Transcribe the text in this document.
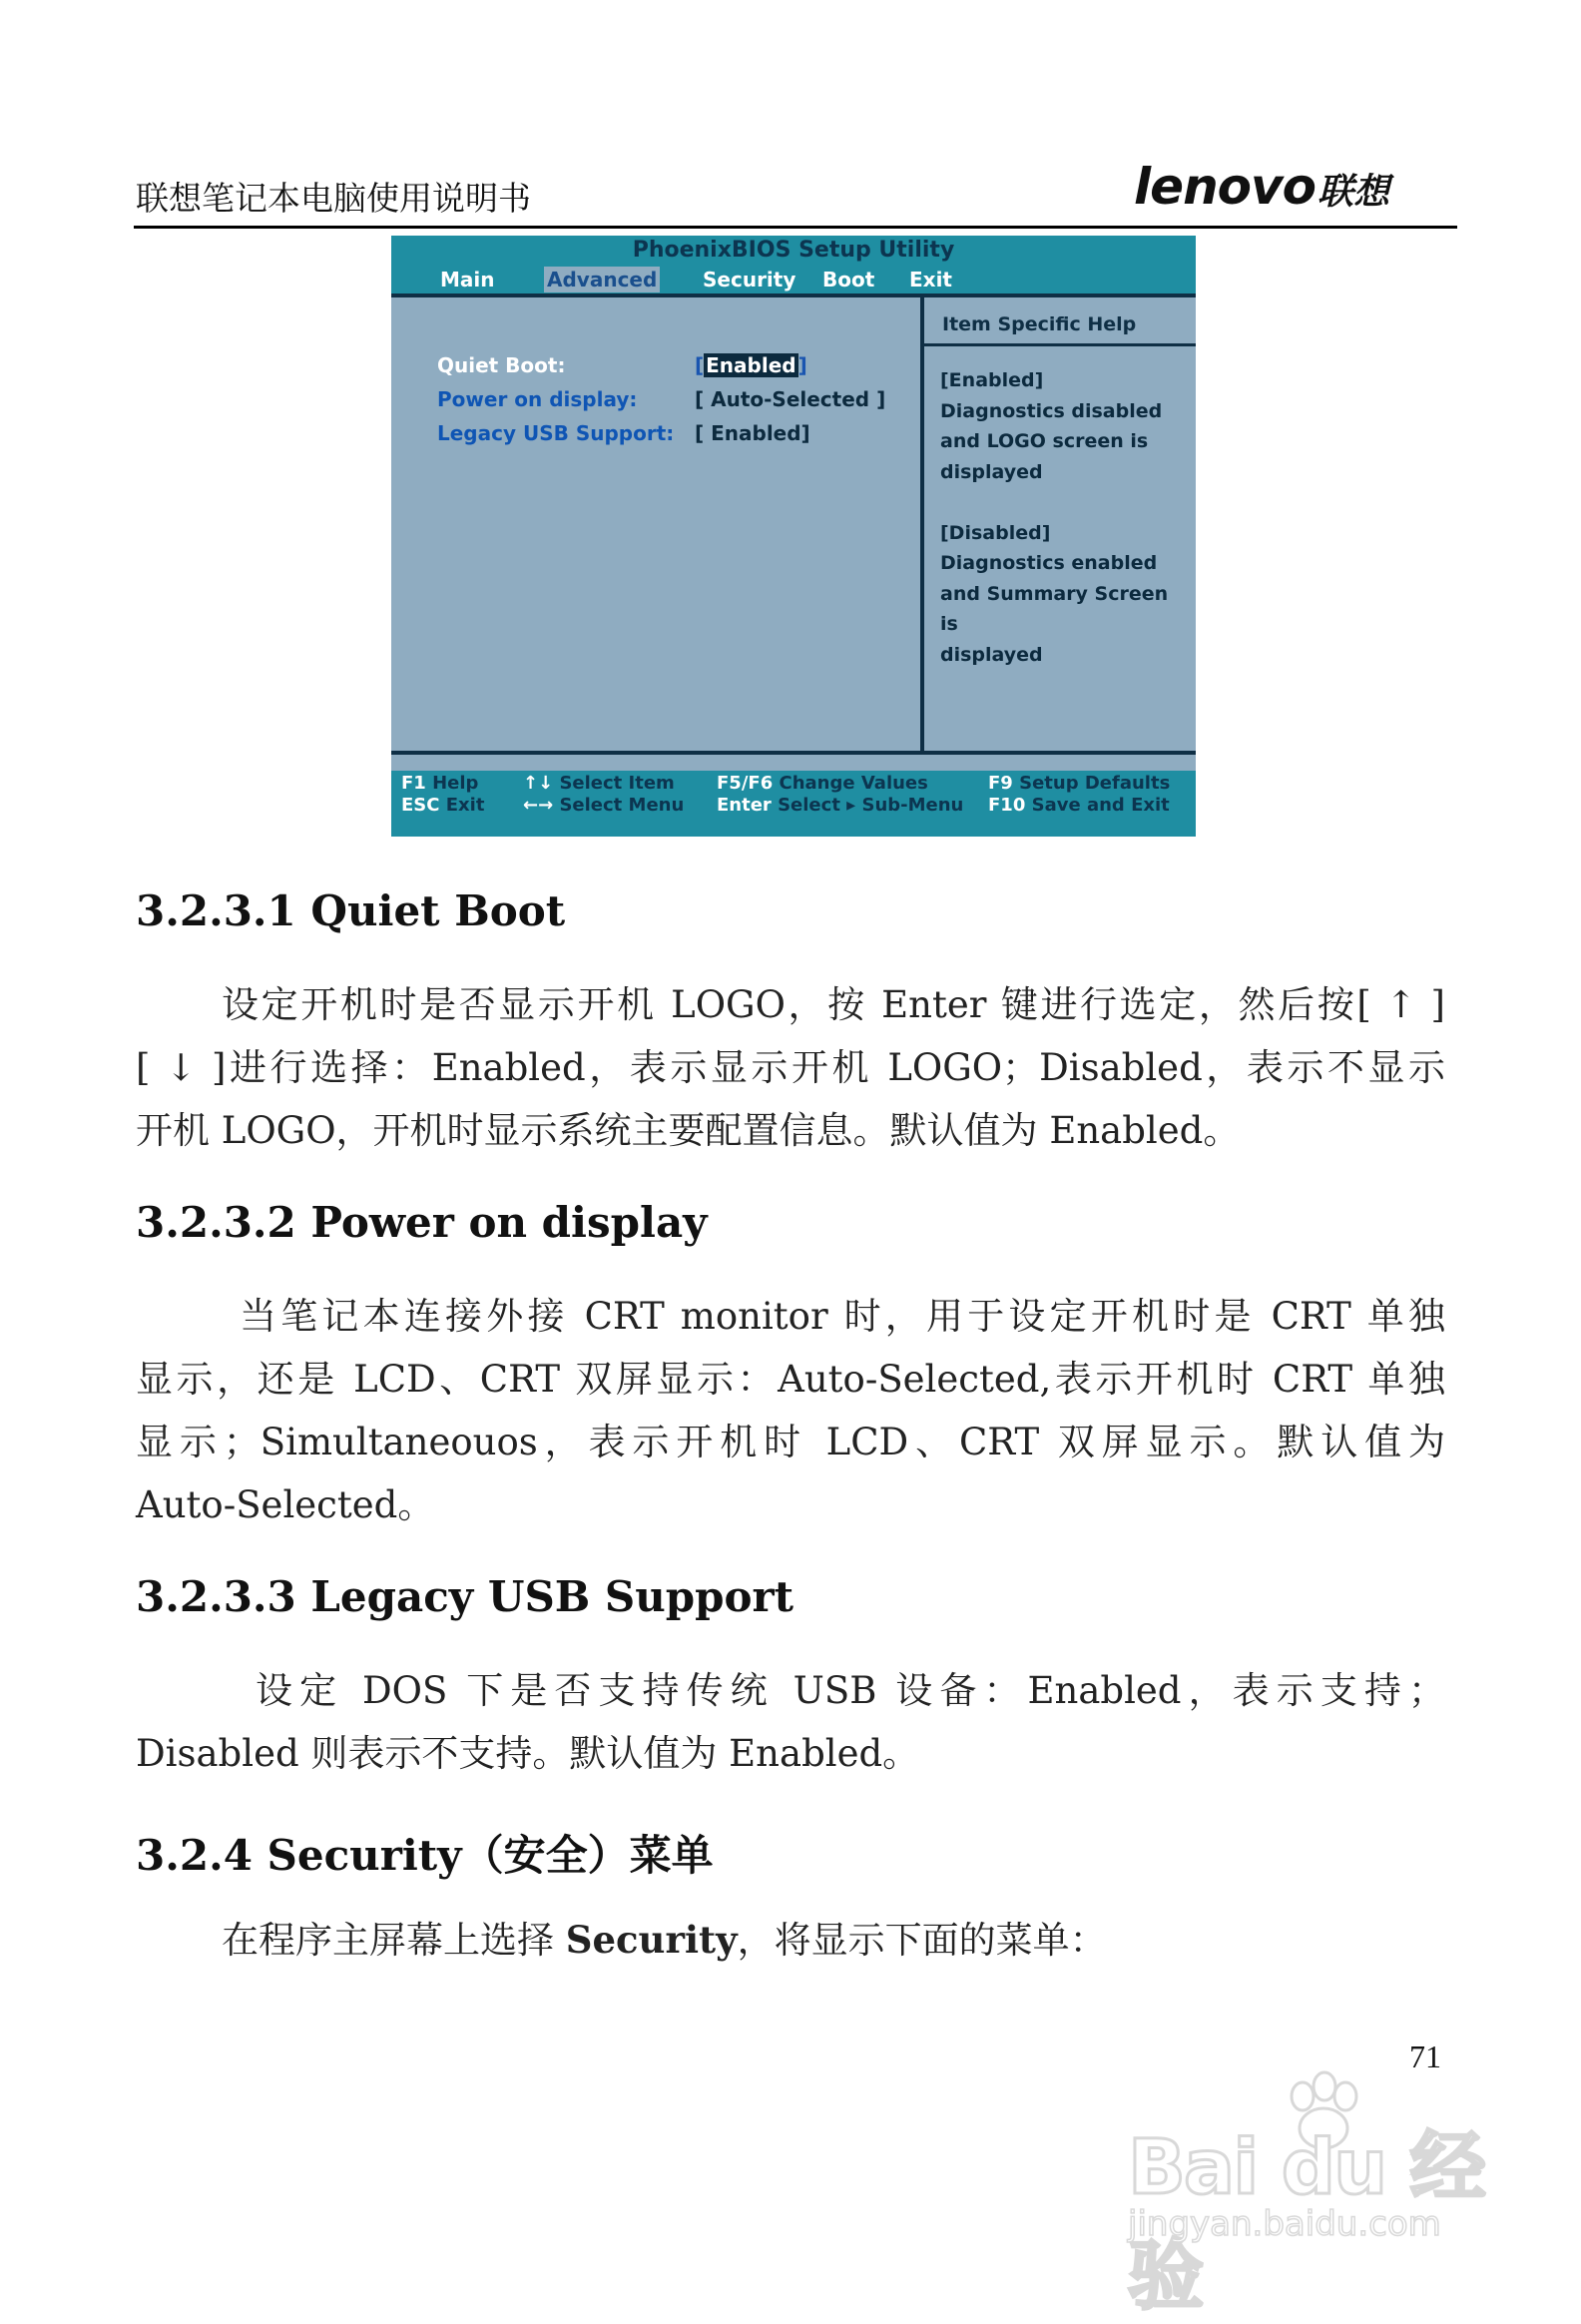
联想笔记本电脑使用说明书	lenovo 联想
PhoenixBIOS Setup Utility
Main	Advanced Security Boot Exit
Quiet Boot:	[ Enabled ]
Power on display:	[ Auto-Selected ]
Legacy USB Support: [ Enabled]
Item Specific Help
[Enabled]
Diagnostics disabled
and LOGO screen is
displayed

[Disabled]
Diagnostics enabled
and Summary Screen is
displayed
F1 Help
ESC Exit
↑↓ Select Item
←→ Select Menu
F5/F6 Change Values
Enter Select ▸ Sub-Menu
F9 Setup Defaults
F10 Save and Exit
3.2.3.1 Quiet Boot
设定开机时是否显示开机 LOGO，按 Enter 键进行选定，然后按[ ↑ ]
[ ↓ ]进行选择：Enabled，表示显示开机 LOGO；Disabled，表示不显示
开机 LOGO，开机时显示系统主要配置信息。默认值为 Enabled。
3.2.3.2 Power on display
当笔记本连接外接 CRT monitor 时，用于设定开机时是 CRT 单独
显示，还是 LCD、CRT 双屏显示：Auto-Selected,表示开机时 CRT 单独
显示；Simultaneouos，表示开机时 LCD、CRT 双屏显示。默认值为
Auto-Selected。
3.2.3.3 Legacy USB Support
设定 DOS 下是否支持传统 USB 设备：Enabled，表示支持；
Disabled 则表示不支持。默认值为 Enabled。
3.2.4 Security（安全）菜单
在程序主屏幕上选择 Security，将显示下面的菜单：
71
Bai du 经验
jingyan.baidu.com
